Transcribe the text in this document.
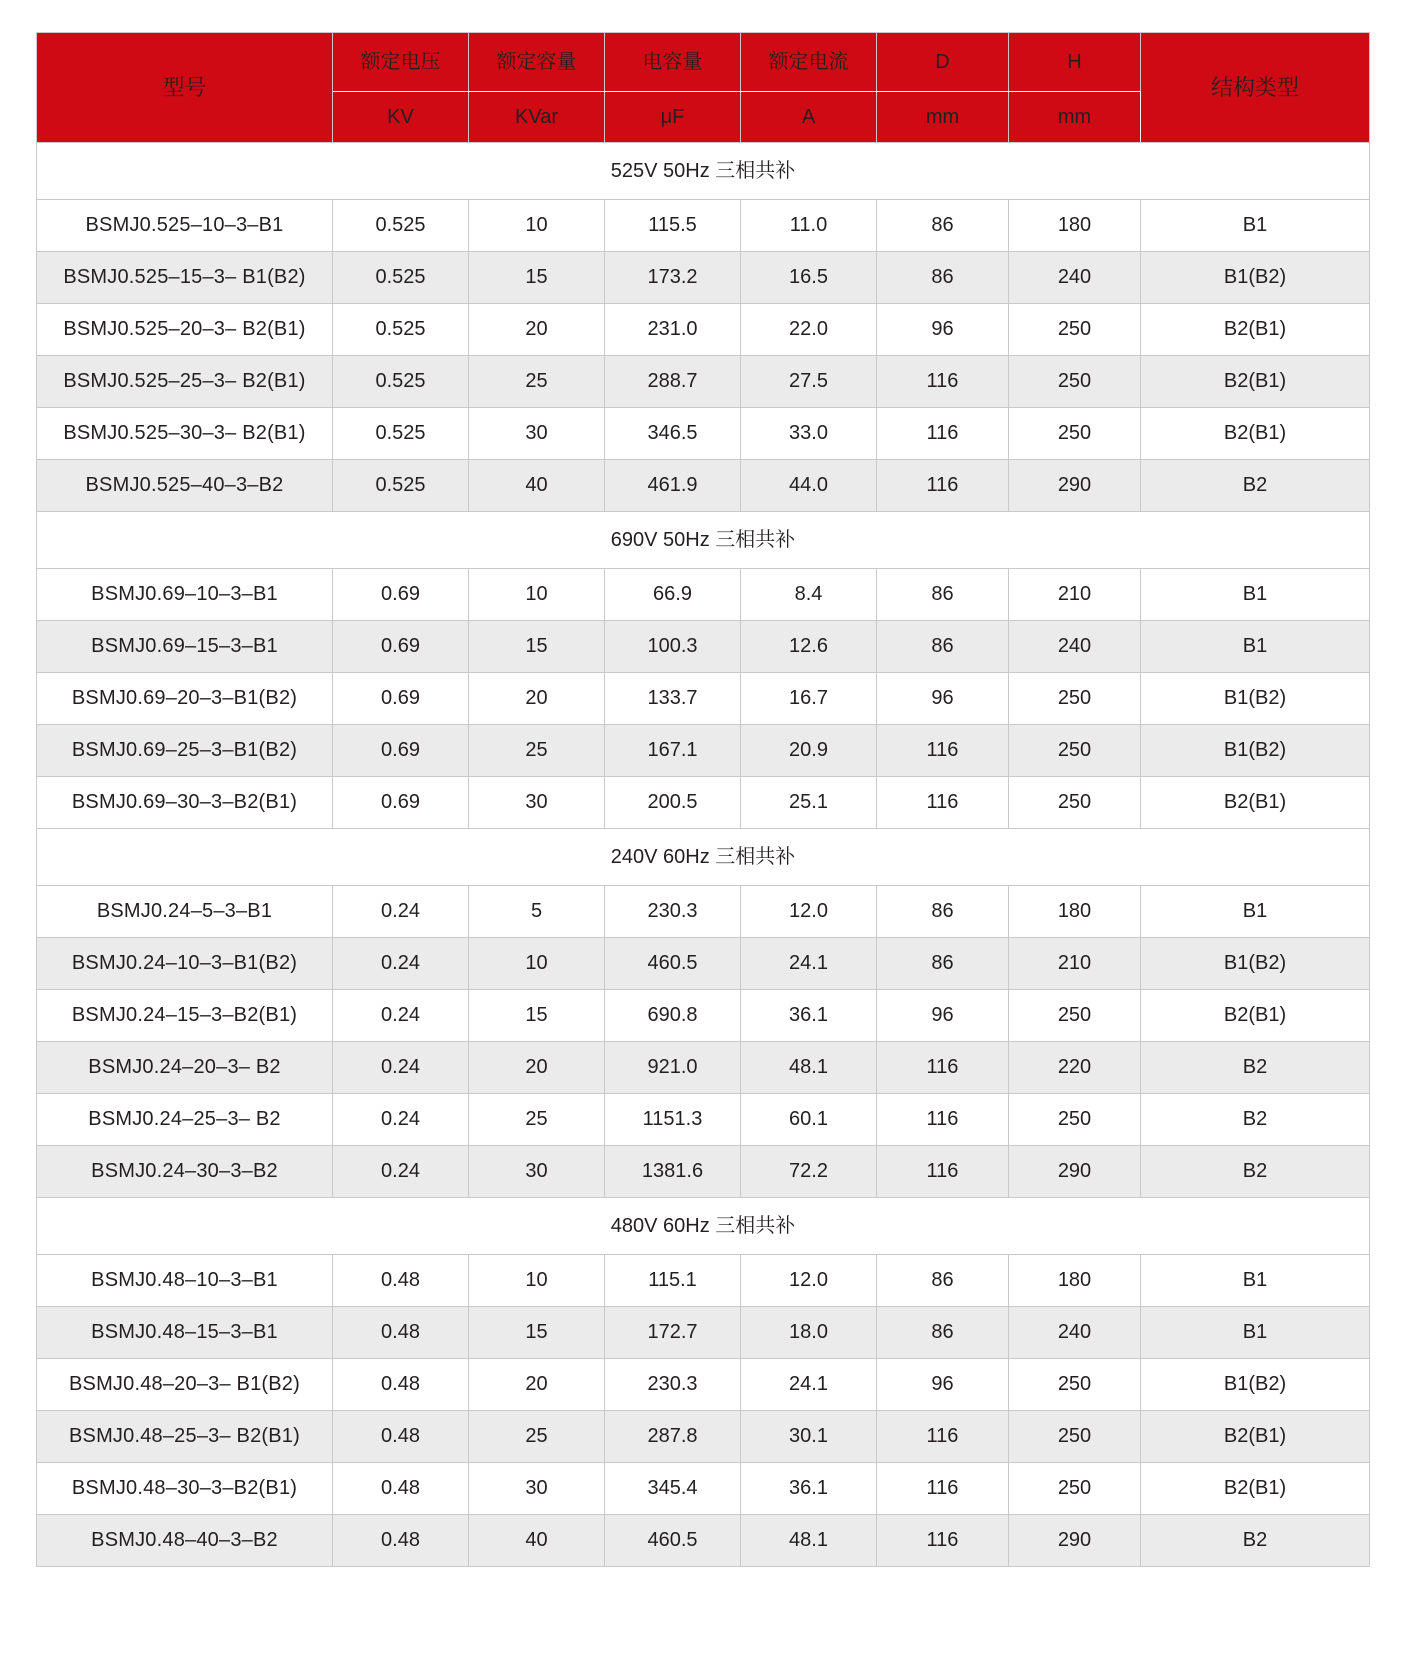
型号	额定电压	额定容量	电容量	额定电流	D	H	结构类型
	KV	KVar	μF	A	mm	mm	
525V 50Hz 三相共补							
BSMJ0.525–10–3–B1	0.525	10	115.5	11.0	86	180	B1
BSMJ0.525–15–3– B1(B2)	0.525	15	173.2	16.5	86	240	B1(B2)
BSMJ0.525–20–3– B2(B1)	0.525	20	231.0	22.0	96	250	B2(B1)
BSMJ0.525–25–3– B2(B1)	0.525	25	288.7	27.5	116	250	B2(B1)
BSMJ0.525–30–3– B2(B1)	0.525	30	346.5	33.0	116	250	B2(B1)
BSMJ0.525–40–3–B2	0.525	40	461.9	44.0	116	290	B2
690V 50Hz 三相共补							
BSMJ0.69–10–3–B1	0.69	10	66.9	8.4	86	210	B1
BSMJ0.69–15–3–B1	0.69	15	100.3	12.6	86	240	B1
BSMJ0.69–20–3–B1(B2)	0.69	20	133.7	16.7	96	250	B1(B2)
BSMJ0.69–25–3–B1(B2)	0.69	25	167.1	20.9	116	250	B1(B2)
BSMJ0.69–30–3–B2(B1)	0.69	30	200.5	25.1	116	250	B2(B1)
240V 60Hz 三相共补							
BSMJ0.24–5–3–B1	0.24	5	230.3	12.0	86	180	B1
BSMJ0.24–10–3–B1(B2)	0.24	10	460.5	24.1	86	210	B1(B2)
BSMJ0.24–15–3–B2(B1)	0.24	15	690.8	36.1	96	250	B2(B1)
BSMJ0.24–20–3– B2	0.24	20	921.0	48.1	116	220	B2
BSMJ0.24–25–3– B2	0.24	25	1151.3	60.1	116	250	B2
BSMJ0.24–30–3–B2	0.24	30	1381.6	72.2	116	290	B2
480V 60Hz 三相共补							
BSMJ0.48–10–3–B1	0.48	10	115.1	12.0	86	180	B1
BSMJ0.48–15–3–B1	0.48	15	172.7	18.0	86	240	B1
BSMJ0.48–20–3– B1(B2)	0.48	20	230.3	24.1	96	250	B1(B2)
BSMJ0.48–25–3– B2(B1)	0.48	25	287.8	30.1	116	250	B2(B1)
BSMJ0.48–30–3–B2(B1)	0.48	30	345.4	36.1	116	250	B2(B1)
BSMJ0.48–40–3–B2	0.48	40	460.5	48.1	116	290	B2
